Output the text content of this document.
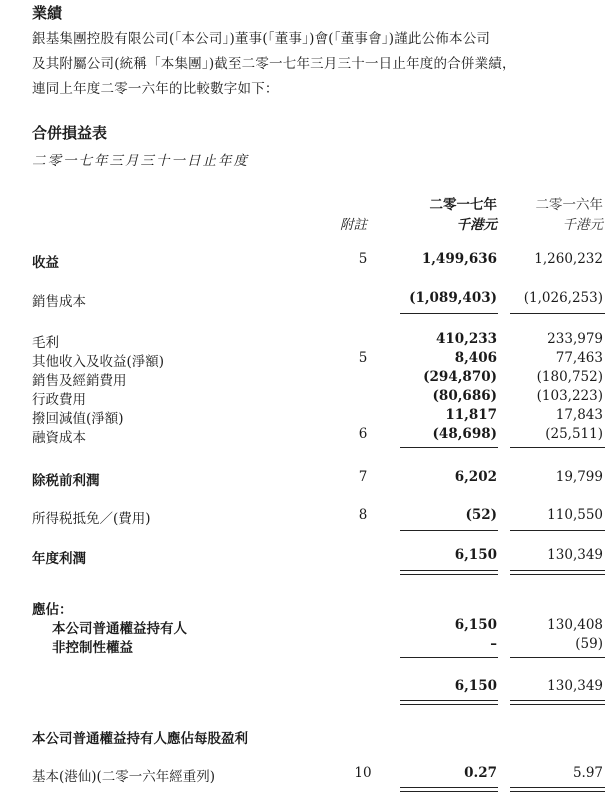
業績
銀基集團控股有限公司(「本公司」)董事(「董事」)會(「董事會」)謹此公佈本公司
及其附屬公司(統稱「本集團」)截至二零一七年三月三十一日止年度的合併業績，
連同上年度二零一六年的比較數字如下：
合併損益表
二零一七年三月三十一日止年度
二零一七年	二零一六年
千港元	千港元
附註
收益	5	1,499,636	1,260,232
銷售成本	(1,089,403) (1,026,253)
毛利	410,233	233,979
其他收入及收益(淨額)	5	8,406	77,463
銷售及經銷費用	(294,870)	(180,752)
行政費用	(80,686)	(103,223)
撥回減值(淨額)	11,817	17,843
融資成本	6	(48,698)	(25,511)
除税前利潤	7	6,202	19,799
所得税抵免／(費用)	8	(52)	110,550
年度利潤	6,150	130,349
應佔：
本公司普通權益持有人	6,150	130,408
非控制性權益	–	(59)
6,150	130,349
本公司普通權益持有人應佔每股盈利
基本(港仙)(二零一六年經重列)	10	0.27	5.97
